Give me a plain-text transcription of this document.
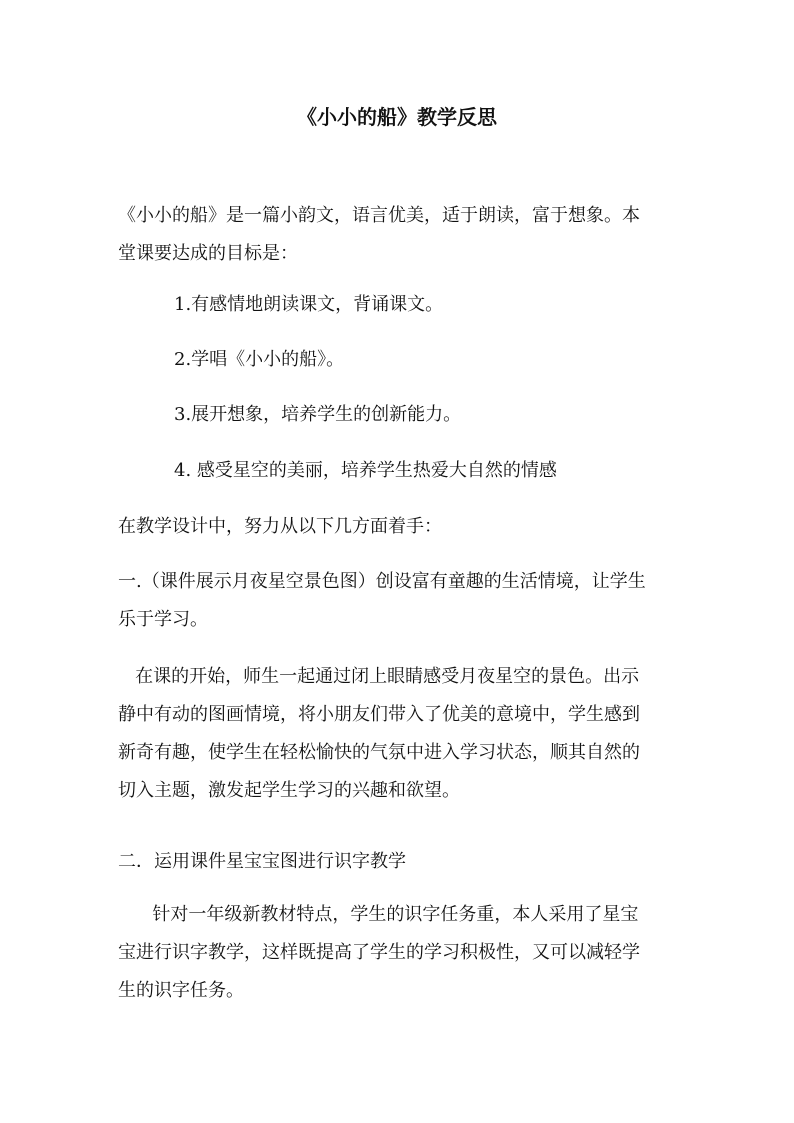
《小小的船》教学反思
《小小的船》是一篇小韵文，语言优美，适于朗读，富于想象。本
堂课要达成的目标是：
1.有感情地朗读课文，背诵课文。
2.学唱《小小的船》。
3.展开想象，培养学生的创新能力。
4. 感受星空的美丽，培养学生热爱大自然的情感
在教学设计中，努力从以下几方面着手：
一.（课件展示月夜星空景色图）创设富有童趣的生活情境，让学生
乐于学习。
在课的开始，师生一起通过闭上眼睛感受月夜星空的景色。出示
静中有动的图画情境，将小朋友们带入了优美的意境中，学生感到
新奇有趣，使学生在轻松愉快的气氛中进入学习状态，顺其自然的
切入主题，激发起学生学习的兴趣和欲望。
二．运用课件星宝宝图进行识字教学
针对一年级新教材特点，学生的识字任务重，本人采用了星宝
宝进行识字教学，这样既提高了学生的学习积极性，又可以减轻学
生的识字任务。
